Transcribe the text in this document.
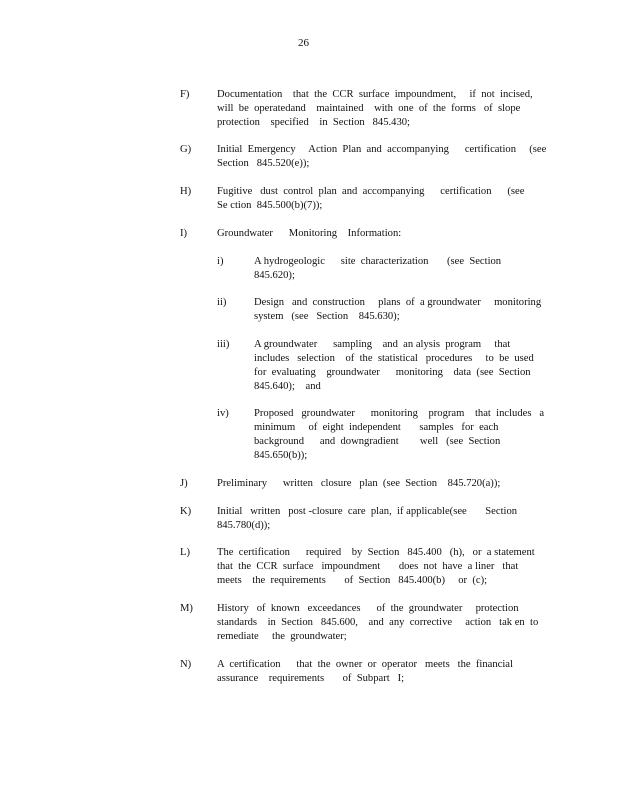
26
F)	Documentation    that  the  CCR  surface  impoundment,     if  not  incised,
will  be  operatedand    maintained    with  one  of  the  forms   of  slope
protection    specified    in  Section   845.430;
G) Initial  Emergency     Action  Plan  and  accompanying      certification     (see
Section   845.520(e));
H) Fugitive   dust  control  plan  and  accompanying      certification      (see
Se ction  845.500(b)(7));
I)	Groundwater      Monitoring    Information:
i)	A hydrogeologic      site  characterization       (see  Section
845.620);
ii)	Design   and  construction     plans  of  a groundwater     monitoring
system   (see   Section    845.630);
iii) A groundwater      sampling    and  an alysis  program     that
includes   selection    of  the  statistical   procedures     to  be  used
for  evaluating    groundwater      monitoring    data  (see  Section
845.640);    and
iv) Proposed   groundwater      monitoring    program    that  includes   a
minimum     of  eight  independent       samples   for  each
background      and  downgradient        well   (see  Section
845.650(b));
J)	Preliminary      written   closure   plan  (see  Section    845.720(a));
K) Initial   written   post -closure  care  plan,  if applicable(see       Section
845.780(d));
L)	The  certification      required    by  Section   845.400   (h),   or  a statement
that  the  CCR  surface   impoundment       does  not  have  a liner   that
meets    the  requirements       of  Section   845.400(b)     or  (c);
M) History   of  known   exceedances      of  the  groundwater     protection
standards    in  Section   845.600,    and  any  corrective     action   tak en  to
remediate     the  groundwater;
N) A  certification      that  the  owner  or  operator   meets   the  financial
assurance    requirements       of  Subpart   I;
